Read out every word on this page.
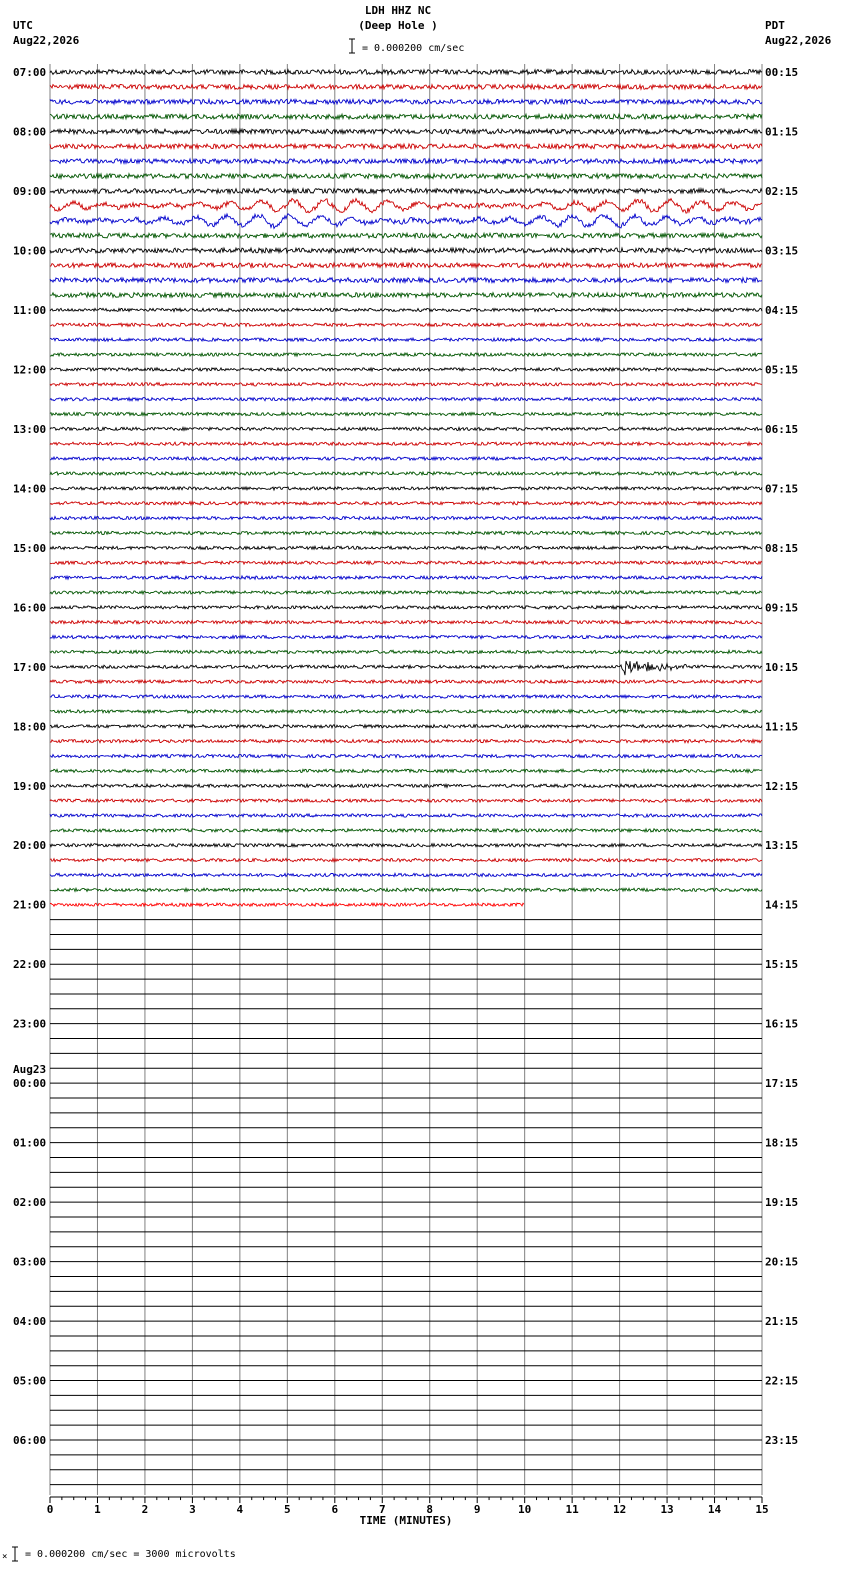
LDH HHZ NC
(Deep Hole )
= 0.000200 cm/sec
UTC
Aug22,2026
PDT
Aug22,2026
0	1	2	3	4	5	6	7	8	9	10	11	12	13	14	15
TIME (MINUTES)
07:00
08:00
09:00
10:00
11:00
12:00
13:00
14:00
15:00
16:00
17:00
18:00
19:00
20:00
21:00
22:00
23:00
00:00
Aug23
01:00
02:00
03:00
04:00
05:00
06:00
00:15
01:15
02:15
03:15
04:15
05:15
06:15
07:15
08:15
09:15
10:15
11:15
12:15
13:15
14:15
15:15
16:15
17:15
18:15
19:15
20:15
21:15
22:15
23:15
× = 0.000200 cm/sec = 3000 microvolts
